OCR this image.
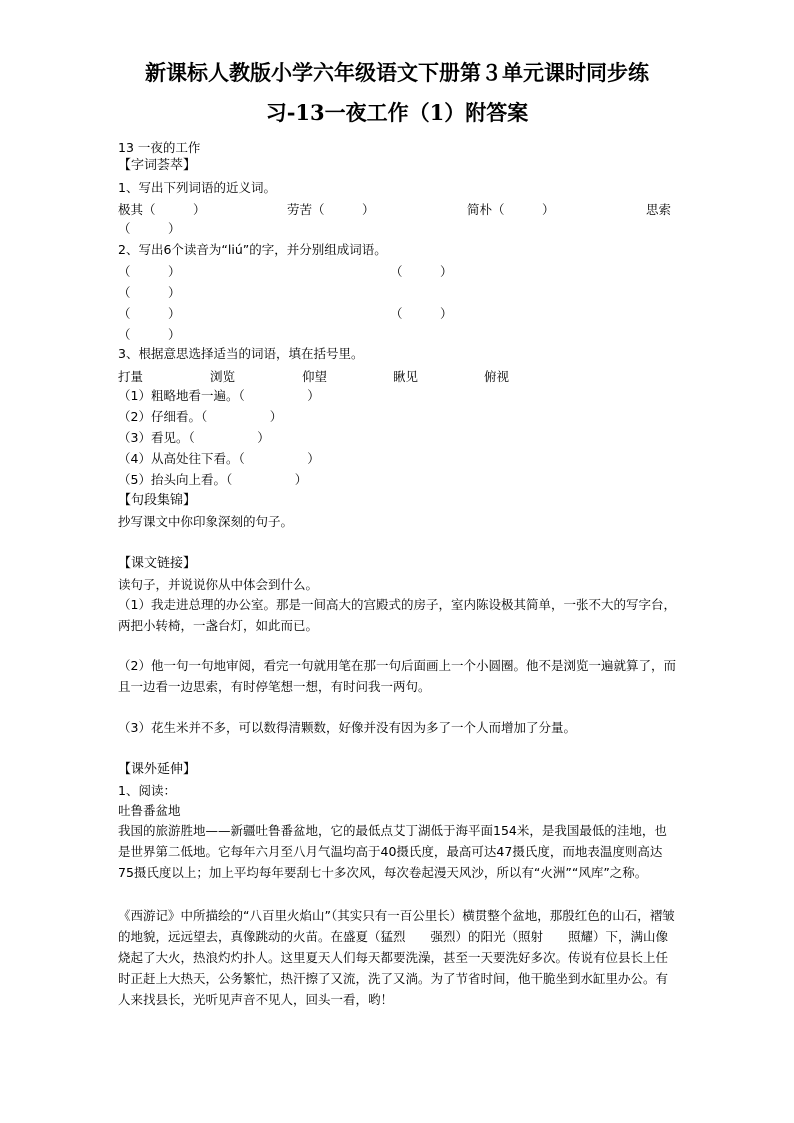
新课标人教版小学六年级语文下册第３单元课时同步练
习-13一夜工作（1）附答案
13 一夜的工作
【字词荟萃】
1、写出下列词语的近义词。
极其（　　　）	劳苦（　　　）	简朴（　　　）	思索
（　　　）
2、写出6个读音为“liú”的字，并分别组成词语。
（　　　）	（　　　）
（　　　）
（　　　）	（　　　）
（　　　）
3、根据意思选择适当的词语，填在括号里。
打量	浏览	仰望	瞅见	俯视
（1）粗略地看一遍。（　　　　　）
（2）仔细看。（　　　　　）
（3）看见。（　　　　　）
（4）从高处往下看。（　　　　　）
（5）抬头向上看。（　　　　　）
【句段集锦】
抄写课文中你印象深刻的句子。
【课文链接】
读句子，并说说你从中体会到什么。
（1）我走进总理的办公室。那是一间高大的宫殿式的房子，室内陈设极其简单，一张不大的写字台，两把小转椅，一盏台灯，如此而已。
（2）他一句一句地审阅，看完一句就用笔在那一句后面画上一个小圆圈。他不是浏览一遍就算了，而且一边看一边思索，有时停笔想一想，有时问我一两句。
（3）花生米并不多，可以数得清颗数，好像并没有因为多了一个人而增加了分量。
【课外延伸】
1、阅读：
吐鲁番盆地
我国的旅游胜地——新疆吐鲁番盆地，它的最低点艾丁湖低于海平面154米，是我国最低的洼地，也是世界第二低地。它每年六月至八月气温均高于40摄氏度，最高可达47摄氏度，而地表温度则高达75摄氏度以上；加上平均每年要刮七十多次风，每次卷起漫天风沙，所以有“火洲”“风库”之称。
《西游记》中所描绘的“八百里火焰山”（其实只有一百公里长）横贯整个盆地，那殷红色的山石，褶皱的地貌，远远望去，真像跳动的火苗。在盛夏（猛烈　　强烈）的阳光（照射　　照耀）下，满山像烧起了大火，热浪灼灼扑人。这里夏天人们每天都要洗澡，甚至一天要洗好多次。传说有位县长上任时正赶上大热天，公务繁忙，热汗擦了又流，洗了又淌。为了节省时间，他干脆坐到水缸里办公。有人来找县长，光听见声音不见人，回头一看，哟！
